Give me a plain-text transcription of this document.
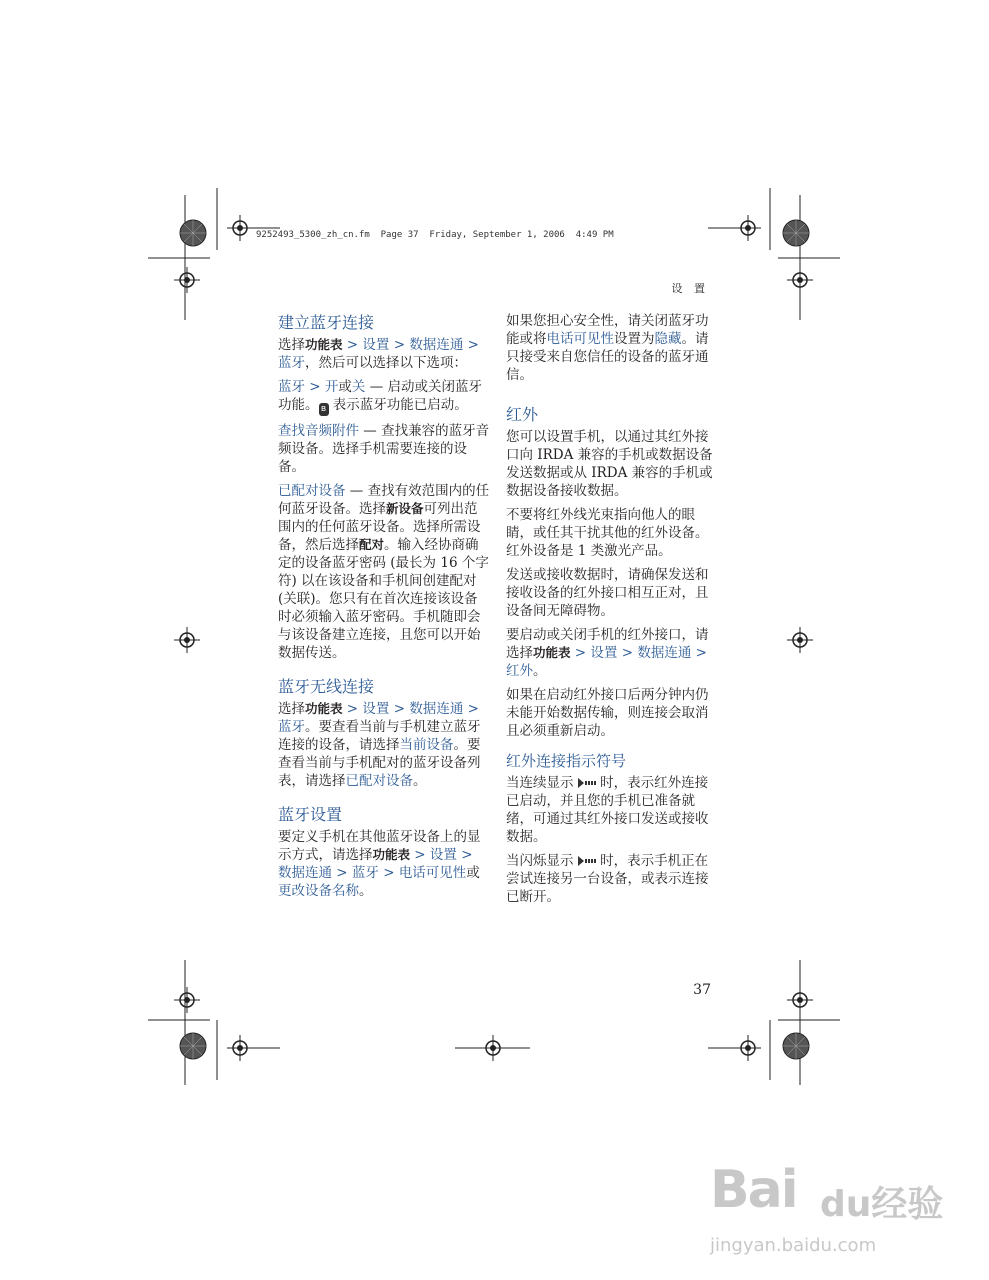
9252493_5300_zh_cn.fm  Page 37  Friday, September 1, 2006  4:49 PM
设 置
建立蓝牙连接

选择功能表 > 设置 > 数据连通 > 蓝牙，然后可以选择以下选项：

蓝牙 > 开或关 — 启动或关闭蓝牙功能。 ʙ 表示蓝牙功能已启动。

查找音频附件 — 查找兼容的蓝牙音频设备。选择手机需要连接的设备。

已配对设备 — 查找有效范围内的任何蓝牙设备。选择新设备可列出范围内的任何蓝牙设备。选择所需设备，然后选择配对。输入经协商确定的设备蓝牙密码 (最长为 16 个字符) 以在该设备和手机间创建配对 (关联)。您只有在首次连接该设备时必须输入蓝牙密码。手机随即会与该设备建立连接，且您可以开始数据传送。

蓝牙无线连接

选择功能表 > 设置 > 数据连通 > 蓝牙。要查看当前与手机建立蓝牙连接的设备，请选择当前设备。要查看当前与手机配对的蓝牙设备列表，请选择已配对设备。

蓝牙设置

要定义手机在其他蓝牙设备上的显示方式，请选择功能表 > 设置 > 数据连通 > 蓝牙 > 电话可见性或更改设备名称。

如果您担心安全性，请关闭蓝牙功能或将电话可见性设置为隐藏。请只接受来自您信任的设备的蓝牙通信。

红外

您可以设置手机，以通过其红外接口向 IRDA 兼容的手机或数据设备发送数据或从 IRDA 兼容的手机或数据设备接收数据。

不要将红外线光束指向他人的眼睛，或任其干扰其他的红外设备。红外设备是 1 类激光产品。

发送或接收数据时，请确保发送和接收设备的红外接口相互正对，且设备间无障碍物。

要启动或关闭手机的红外接口，请选择功能表 > 设置 > 数据连通 > 红外。

如果在启动红外接口后两分钟内仍未能开始数据传输，则连接会取消且必须重新启动。

红外连接指示符号

当连续显示  时，表示红外连接已启动，并且您的手机已准备就绪，可通过其红外接口发送或接收数据。

当闪烁显示  时，表示手机正在尝试连接另一台设备，或表示连接已断开。

37
Bai du经验
jingyan.baidu.com
